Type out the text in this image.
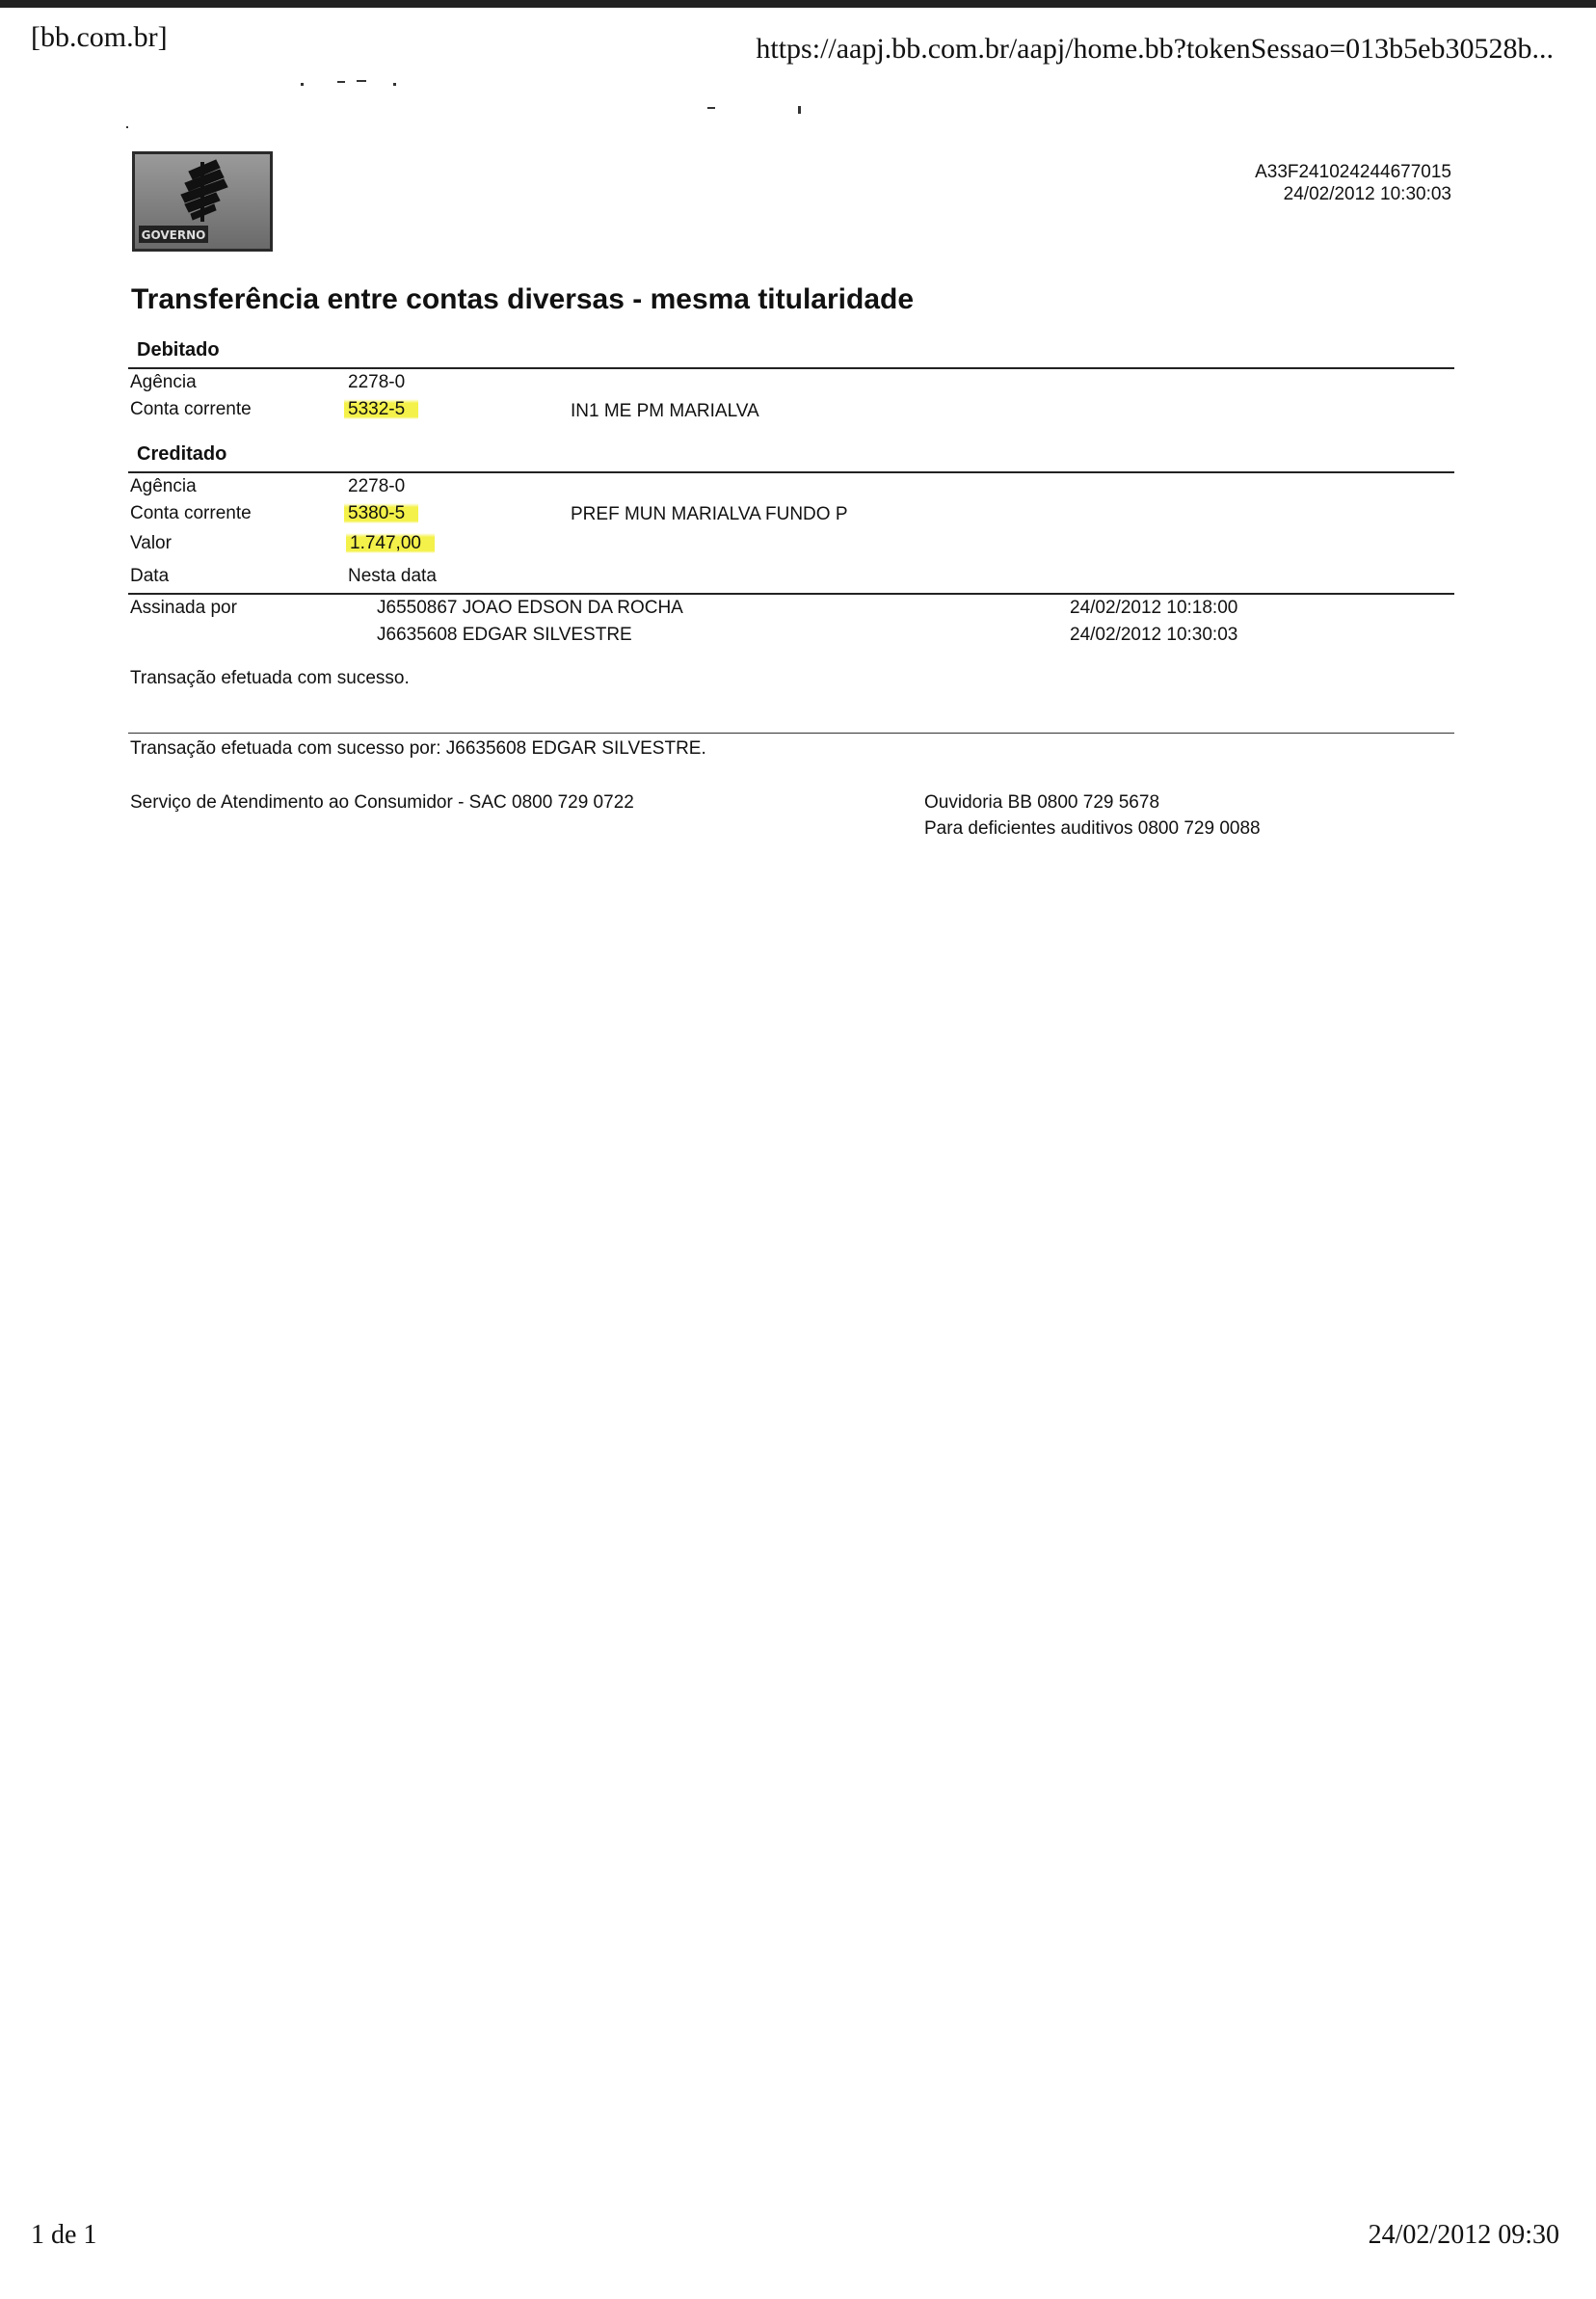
[bb.com.br]	https://aapj.bb.com.br/aapj/home.bb?tokenSessao=013b5eb30528b...
GOVERNO
A33F241024244677015
24/02/2012 10:30:03
Transferência entre contas diversas - mesma titularidade
Debitado
Agência	2278-0
Conta corrente	5332-5	IN1 ME PM MARIALVA
Creditado
Agência	2278-0
Conta corrente	5380-5	PREF MUN MARIALVA FUNDO P
Valor	1.747,00
Data	Nesta data
Assinada por	J6550867 JOAO EDSON DA ROCHA	24/02/2012 10:18:00
J6635608 EDGAR SILVESTRE	24/02/2012 10:30:03
Transação efetuada com sucesso.
Transação efetuada com sucesso por: J6635608 EDGAR SILVESTRE.
Serviço de Atendimento ao Consumidor - SAC 0800 729 0722	Ouvidoria BB 0800 729 5678
Para deficientes auditivos 0800 729 0088
1 de 1	24/02/2012 09:30
